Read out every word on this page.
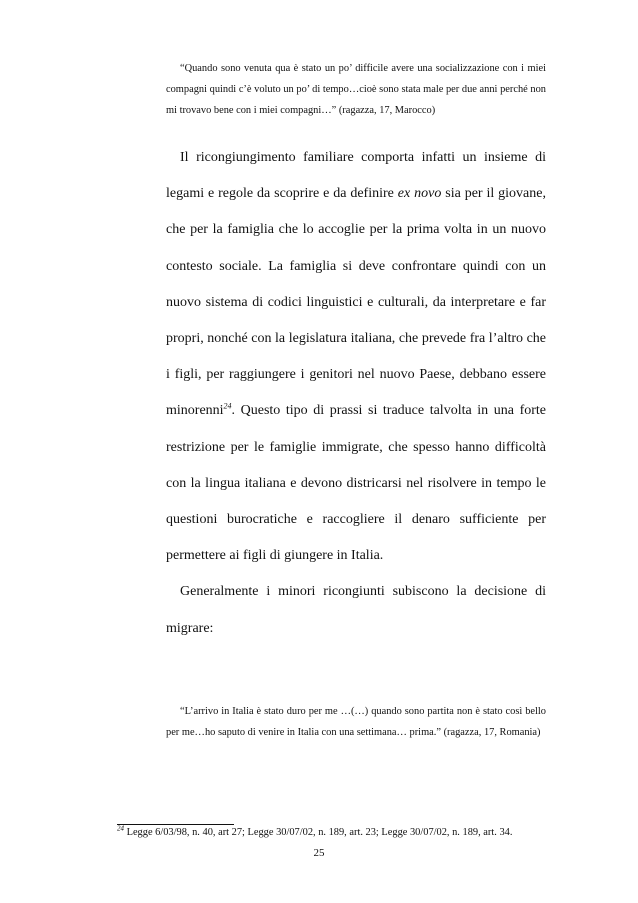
“Quando sono venuta qua è stato un po’ difficile avere una socializzazione con i miei compagni quindi c’è voluto un po’ di tempo…cioè sono stata male per due anni perché non mi trovavo bene con i miei compagni…” (ragazza, 17, Marocco)

Il ricongiungimento familiare comporta infatti un insieme di legami e regole da scoprire e da definire ex novo sia per il giovane, che per la famiglia che lo accoglie per la prima volta in un nuovo contesto sociale. La famiglia si deve confrontare quindi con un nuovo sistema di codici linguistici e culturali, da interpretare e far propri, nonché con la legislatura italiana, che prevede fra l’altro che i figli, per raggiungere i genitori nel nuovo Paese, debbano essere minorenni$^{24}$. Questo tipo di prassi si traduce talvolta in una forte restrizione per le famiglie immigrate, che spesso hanno difficoltà con la lingua italiana e devono districarsi nel risolvere in tempo le questioni burocratiche e raccogliere il denaro sufficiente per permettere ai figli di giungere in Italia.

Generalmente i minori ricongiunti subiscono la decisione di migrare:

“L’arrivo in Italia è stato duro per me …(…) quando sono partita non è stato così bello per me…ho saputo di venire in Italia con una settimana… prima.” (ragazza, 17, Romania)

$^{24}$ Legge 6/03/98, n. 40, art 27; Legge 30/07/02, n. 189, art. 23; Legge 30/07/02, n. 189, art. 34.
25
